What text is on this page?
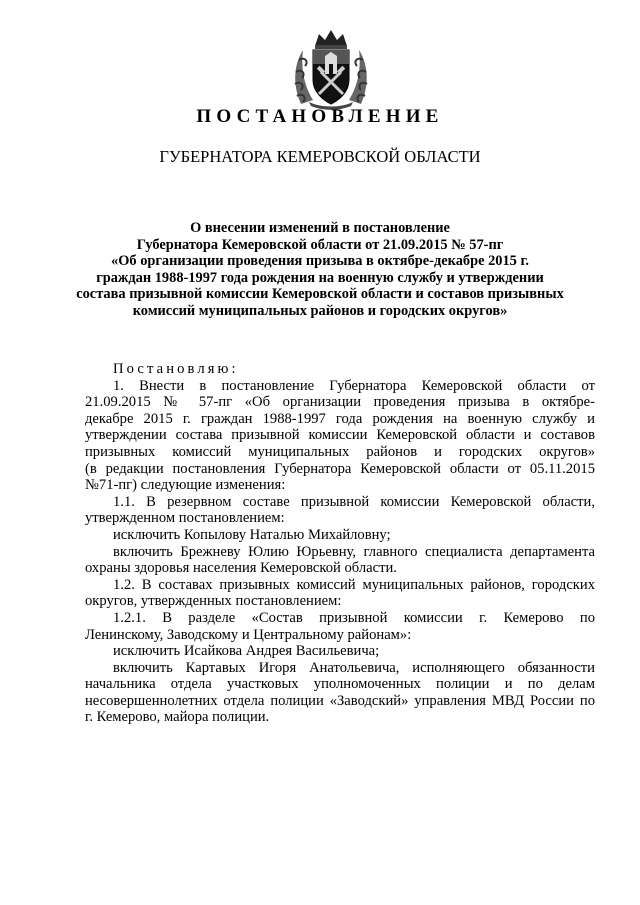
ПОСТАНОВЛЕНИЕ
ГУБЕРНАТОРА КЕМЕРОВСКОЙ ОБЛАСТИ
О внесении изменений в постановление
Губернатора Кемеровской области от 21.09.2015 № 57-пг
«Об организации проведения призыва в октябре-декабре 2015 г.
граждан 1988-1997 года рождения на военную службу и утверждении
состава призывной комиссии Кемеровской области и составов призывных
комиссий муниципальных районов и городских округов»

Постановляю:

1. Внести в постановление Губернатора Кемеровской области от

21.09.2015 № 57-пг «Об организации проведения призыва в октябре-

декабре 2015 г. граждан 1988-1997 года рождения на военную службу и

утверждении состава призывной комиссии Кемеровской области и составов

призывных комиссий муниципальных районов и городских округов»

(в редакции постановления Губернатора Кемеровской области от 05.11.2015

№71-пг) следующие изменения:

1.1. В резервном составе призывной комиссии Кемеровской области,

утвержденном постановлением:

исключить Копылову Наталью Михайловну;

включить Брежневу Юлию Юрьевну, главного специалиста департамента

охраны здоровья населения Кемеровской области.

1.2. В составах призывных комиссий муниципальных районов, городских

округов, утвержденных постановлением:

1.2.1. В разделе «Состав призывной комиссии г. Кемерово по

Ленинскому, Заводскому и Центральному районам»:

исключить Исайкова Андрея Васильевича;

включить Картавых Игоря Анатольевича, исполняющего обязанности

начальника отдела участковых уполномоченных полиции и по делам

несовершеннолетних отдела полиции «Заводский» управления МВД России по

г. Кемерово, майора полиции.
